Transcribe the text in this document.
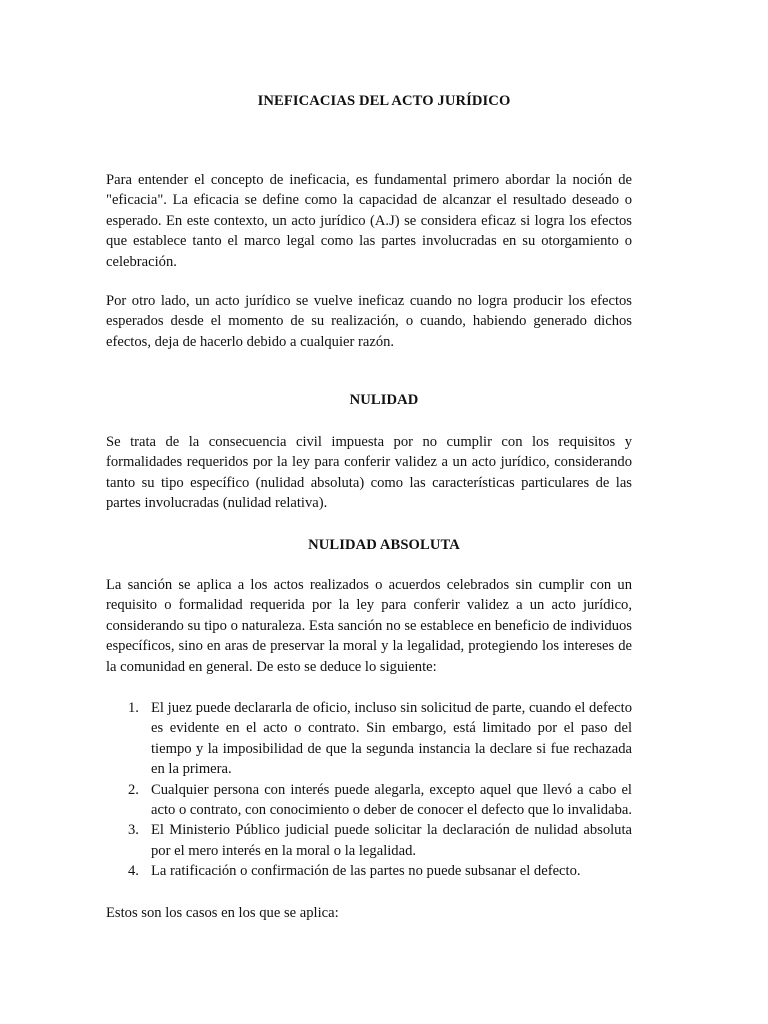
INEFICACIAS DEL ACTO JURÍDICO

Para entender el concepto de ineficacia, es fundamental primero abordar la noción de "eficacia". La eficacia se define como la capacidad de alcanzar el resultado deseado o esperado. En este contexto, un acto jurídico (A.J) se considera eficaz si logra los efectos que establece tanto el marco legal como las partes involucradas en su otorgamiento o celebración.

Por otro lado, un acto jurídico se vuelve ineficaz cuando no logra producir los efectos esperados desde el momento de su realización, o cuando, habiendo generado dichos efectos, deja de hacerlo debido a cualquier razón.

NULIDAD

Se trata de la consecuencia civil impuesta por no cumplir con los requisitos y formalidades requeridos por la ley para conferir validez a un acto jurídico, considerando tanto su tipo específico (nulidad absoluta) como las características particulares de las partes involucradas (nulidad relativa).

NULIDAD ABSOLUTA

La sanción se aplica a los actos realizados o acuerdos celebrados sin cumplir con un requisito o formalidad requerida por la ley para conferir validez a un acto jurídico, considerando su tipo o naturaleza. Esta sanción no se establece en beneficio de individuos específicos, sino en aras de preservar la moral y la legalidad, protegiendo los intereses de la comunidad en general. De esto se deduce lo siguiente:

1. El juez puede declararla de oficio, incluso sin solicitud de parte, cuando el defecto es evidente en el acto o contrato. Sin embargo, está limitado por el paso del tiempo y la imposibilidad de que la segunda instancia la declare si fue rechazada en la primera.
2. Cualquier persona con interés puede alegarla, excepto aquel que llevó a cabo el acto o contrato, con conocimiento o deber de conocer el defecto que lo invalidaba.
3. El Ministerio Público judicial puede solicitar la declaración de nulidad absoluta por el mero interés en la moral o la legalidad.
4. La ratificación o confirmación de las partes no puede subsanar el defecto.

Estos son los casos en los que se aplica:
